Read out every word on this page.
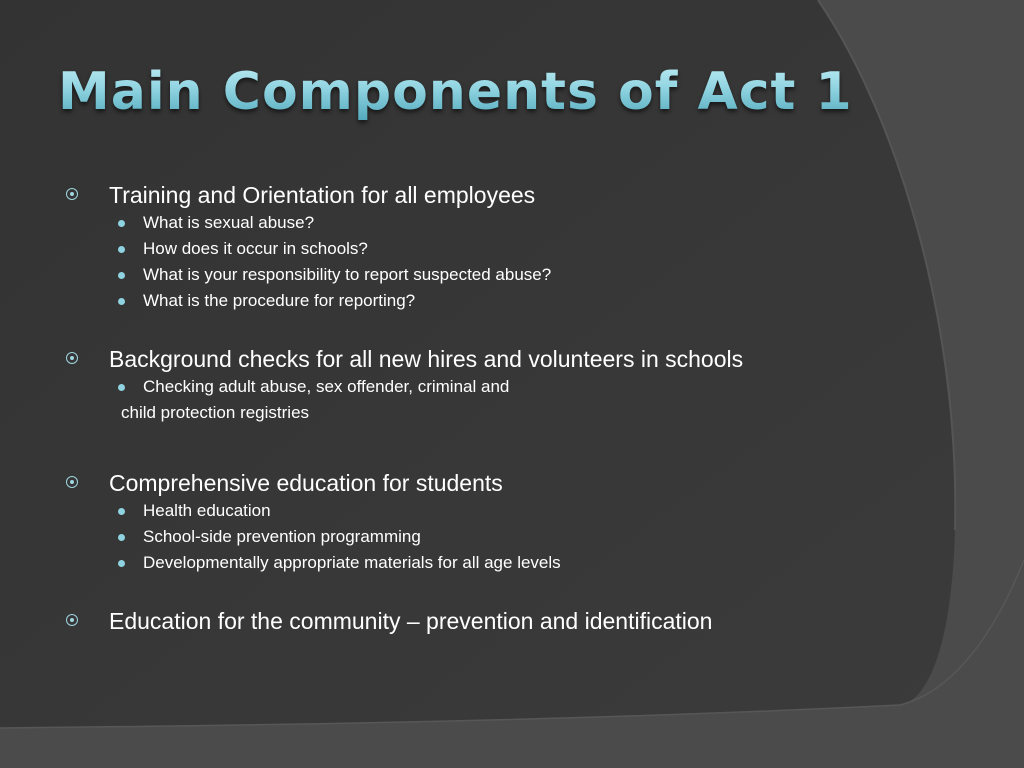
Main Components of Act 1
Training and Orientation for all employees
What is sexual abuse?
How does it occur in schools?
What is your responsibility to report suspected abuse?
What is the procedure for reporting?
Background checks for all new hires and volunteers in schools
Checking adult abuse, sex offender, criminal and
child protection registries
Comprehensive education for students
Health education
School-side prevention programming
Developmentally appropriate materials for all age levels
Education for the community – prevention and identification
